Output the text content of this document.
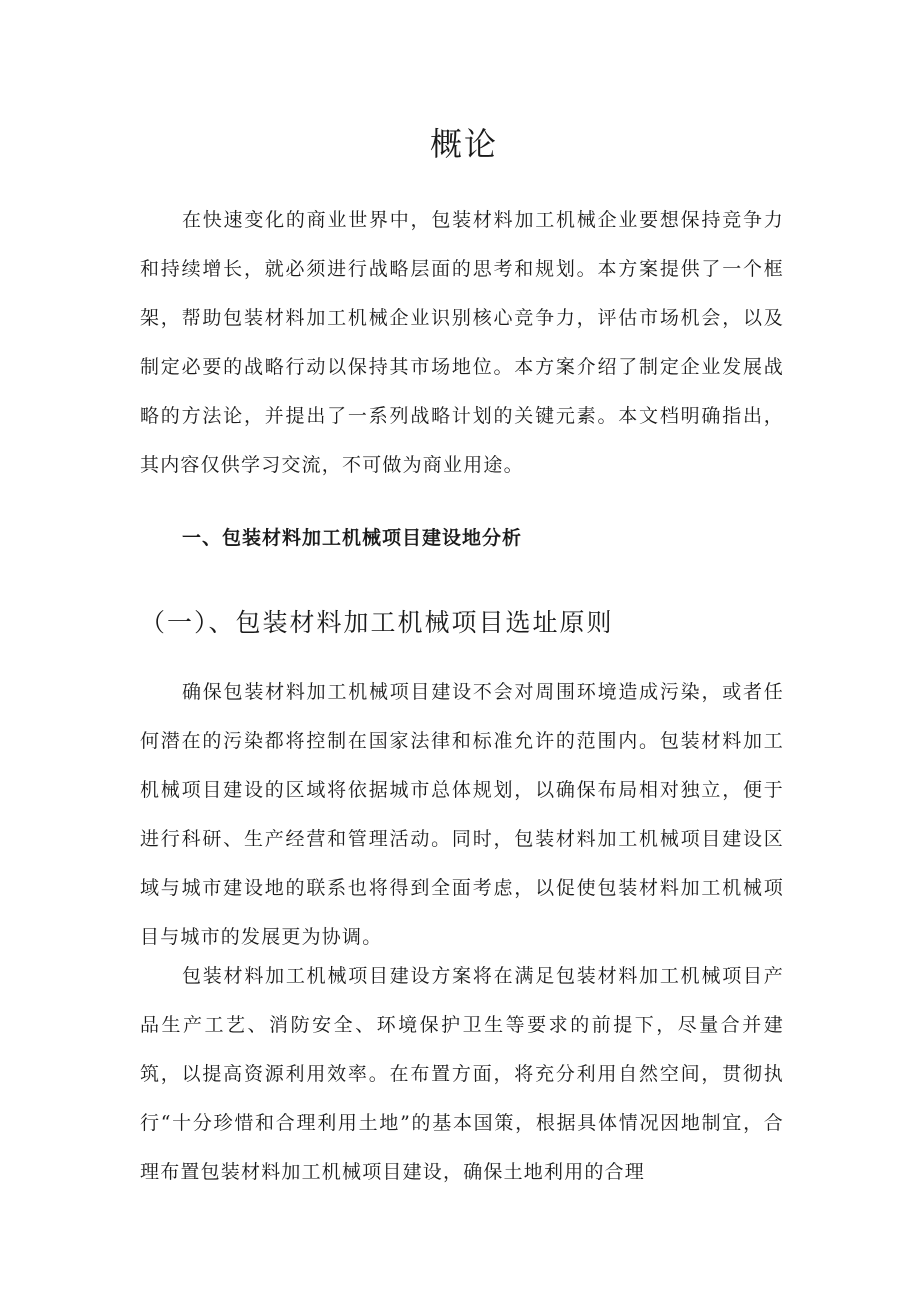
概论

在快速变化的商业世界中，包装材料加工机械企业要想保持竞争力和持续增长，就必须进行战略层面的思考和规划。本方案提供了一个框架，帮助包装材料加工机械企业识别核心竞争力，评估市场机会，以及制定必要的战略行动以保持其市场地位。本方案介绍了制定企业发展战略的方法论，并提出了一系列战略计划的关键元素。本文档明确指出，其内容仅供学习交流，不可做为商业用途。

一、包装材料加工机械项目建设地分析
（一）、包装材料加工机械项目选址原则

确保包装材料加工机械项目建设不会对周围环境造成污染，或者任何潜在的污染都将控制在国家法律和标准允许的范围内。包装材料加工机械项目建设的区域将依据城市总体规划，以确保布局相对独立，便于进行科研、生产经营和管理活动。同时，包装材料加工机械项目建设区域与城市建设地的联系也将得到全面考虑，以促使包装材料加工机械项目与城市的发展更为协调。

包装材料加工机械项目建设方案将在满足包装材料加工机械项目产品生产工艺、消防安全、环境保护卫生等要求的前提下，尽量合并建筑，以提高资源利用效率。在布置方面，将充分利用自然空间，贯彻执行“十分珍惜和合理利用土地”的基本国策，根据具体情况因地制宜，合理布置包装材料加工机械项目建设，确保土地利用的合理
